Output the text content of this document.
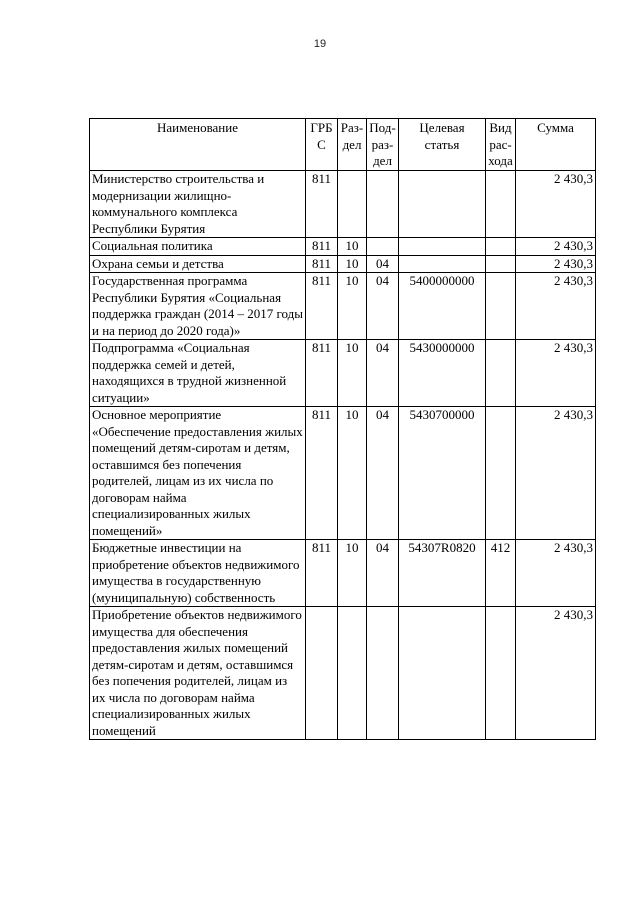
19
Наименование	ГРБ С	Раз-дел	Под-раз-дел	Целевая статья	Вид рас-хода	Сумма
Министерство строительства и модернизации жилищно-коммунального комплекса Республики Бурятия	811					2 430,3
Социальная политика	811	10				2 430,3
Охрана семьи и детства	811	10	04			2 430,3
Государственная программа Республики Бурятия «Социальная поддержка граждан (2014 – 2017 годы и на период до 2020 года)»	811	10	04	5400000000		2 430,3
Подпрограмма «Социальная поддержка семей и детей, находящихся в трудной жизненной ситуации»	811	10	04	5430000000		2 430,3
Основное мероприятие «Обеспечение предоставления жилых помещений детям-сиротам и детям, оставшимся без попечения родителей, лицам из их числа по договорам найма специализированных жилых помещений»	811	10	04	5430700000		2 430,3
Бюджетные инвестиции на приобретение объектов недвижимого имущества в государственную (муниципальную) собственность	811	10	04	54307R0820	412	2 430,3
Приобретение объектов недвижимого имущества для обеспечения предоставления жилых помещений детям-сиротам и детям, оставшимся без попечения родителей, лицам из их числа по договорам найма специализированных жилых помещений						2 430,3
